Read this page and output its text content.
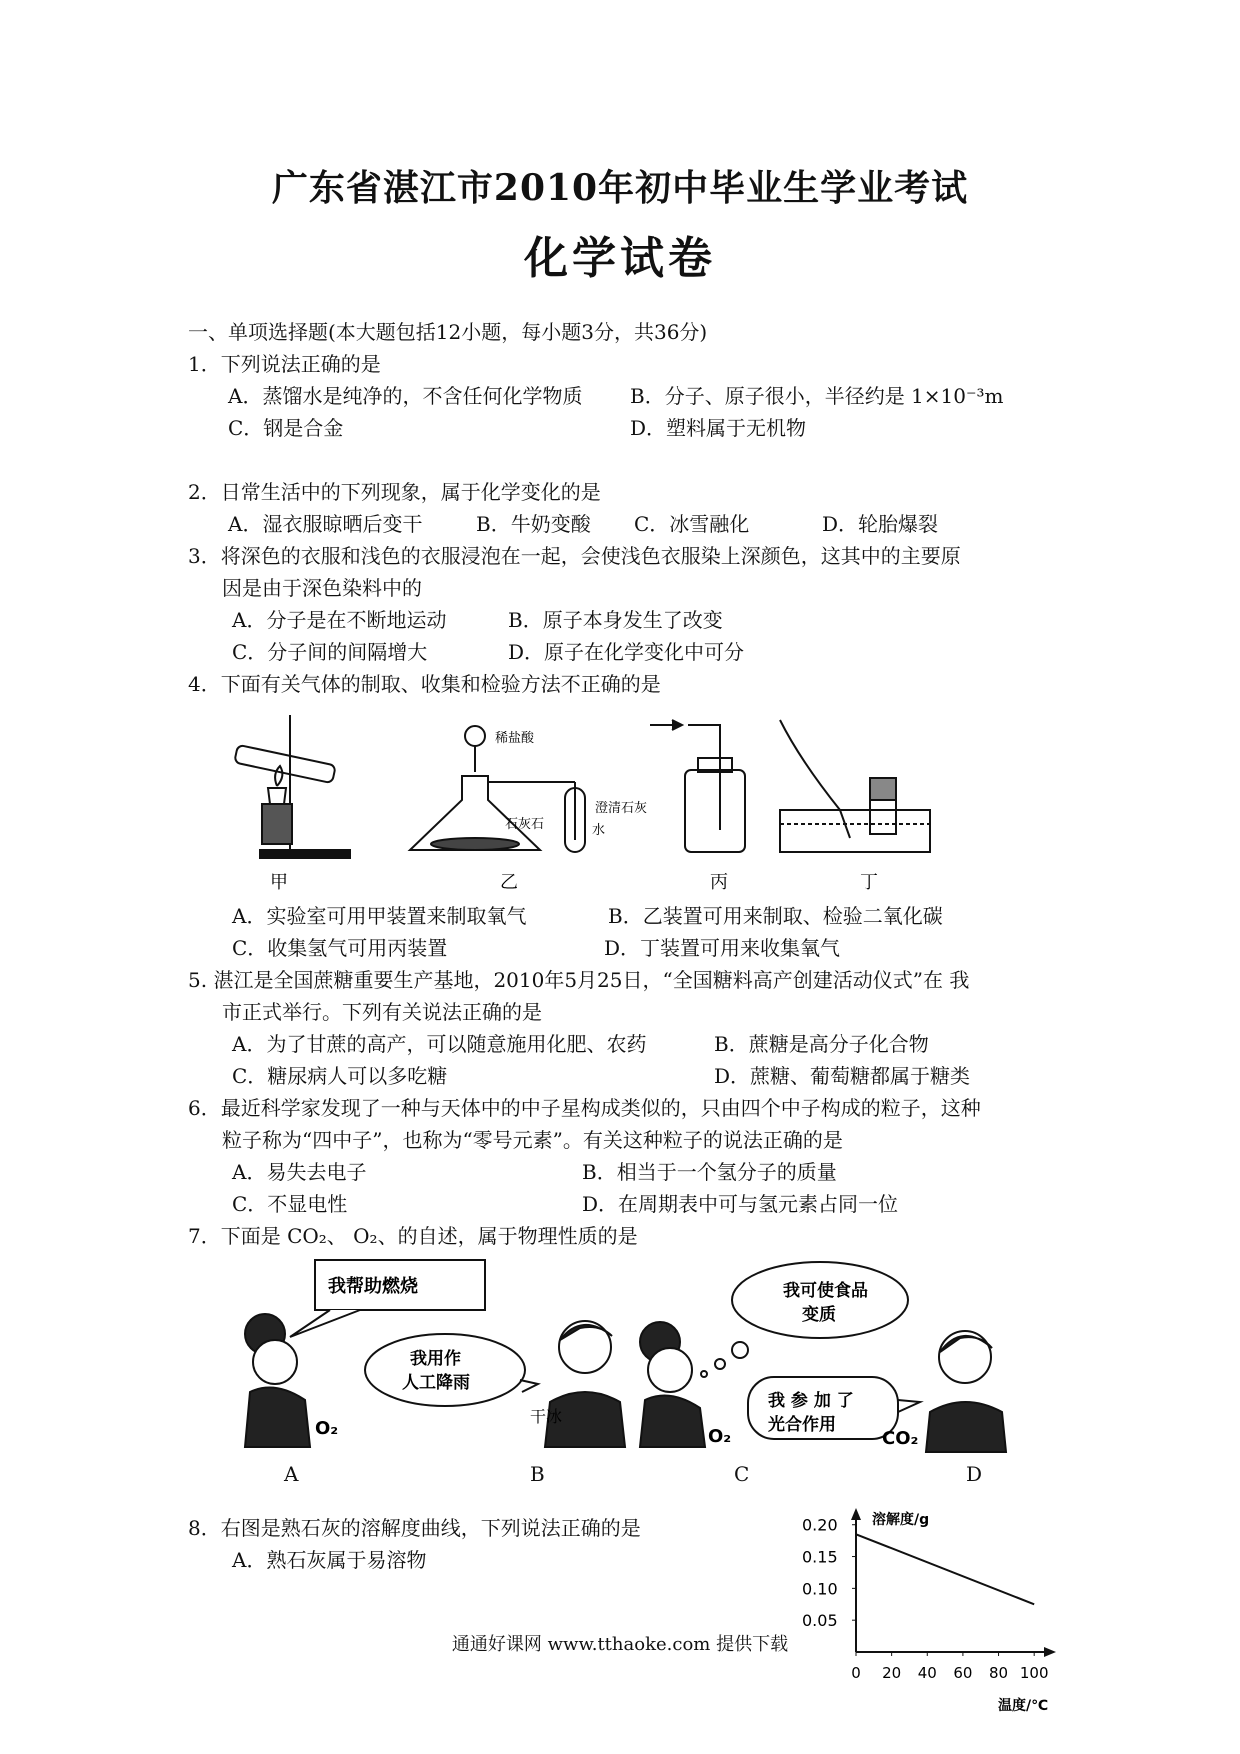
广东省湛江市2010年初中毕业生学业考试
化学试卷
一、单项选择题(本大题包括12小题，每小题3分，共36分)
1．下列说法正确的是
A．蒸馏水是纯净的，不含任何化学物质 B．分子、原子很小，半径约是 1×10⁻³m
C．钢是合金	D．塑料属于无机物
2．日常生活中的下列现象，属于化学变化的是
A．湿衣服晾晒后变干	B．牛奶变酸 C．冰雪融化	D．轮胎爆裂
3．将深色的衣服和浅色的衣服浸泡在一起，会使浅色衣服染上深颜色，这其中的主要原
因是由于深色染料中的
A．分子是在不断地运动	B．原子本身发生了改变
C．分子间的间隔增大	D．原子在化学变化中可分
4．下面有关气体的制取、收集和检验方法不正确的是
甲
稀盐酸
石灰石
澄清石灰
水
乙	丙	丁
A．实验室可用甲装置来制取氧气	B．乙装置可用来制取、检验二氧化碳
C．收集氢气可用丙装置	D．丁装置可用来收集氧气
5. 湛江是全国蔗糖重要生产基地，2010年5月25日，“全国糖料高产创建活动仪式”在 我
市正式举行。下列有关说法正确的是
A．为了甘蔗的高产，可以随意施用化肥、农药	B．蔗糖是高分子化合物
C．糖尿病人可以多吃糖	D．蔗糖、葡萄糖都属于糖类
6．最近科学家发现了一种与天体中的中子星构成类似的，只由四个中子构成的粒子，这种
粒子称为“四中子”，也称为“零号元素”。有关这种粒子的说法正确的是
A．易失去电子	B．相当于一个氢分子的质量
C．不显电性	D．在周期表中可与氢元素占同一位
7．下面是 CO₂、 O₂、的自述，属于物理性质的是
我帮助燃烧
O₂
我用作
人工降雨
干冰
我可使食品
变质
O₂
我 参 加 了
光合作用
CO₂
A	B	C	D
8．右图是熟石灰的溶解度曲线，下列说法正确的是
A．熟石灰属于易溶物
溶解度/g
温度/℃
0.05
0.10
0.15
0.20
0 20 40 60 80 100
通通好课网 www.tthaoke.com 提供下载
